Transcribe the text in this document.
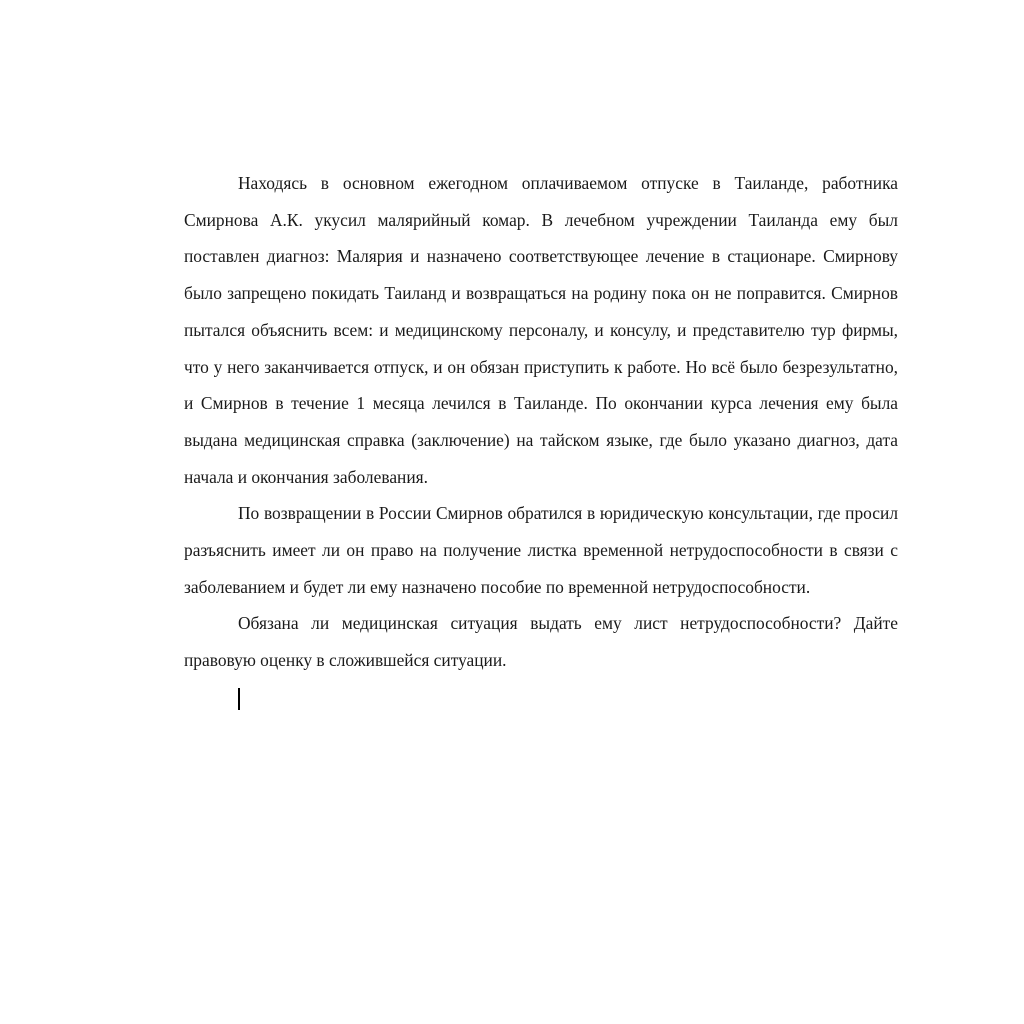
Находясь в основном ежегодном оплачиваемом отпуске в Таиланде, работника Смирнова А.К. укусил малярийный комар. В лечебном учреждении Таиланда ему был поставлен диагноз: Малярия и назначено соответствующее лечение в стационаре. Смирнову было запрещено покидать Таиланд и возвращаться на родину пока он не поправится. Смирнов пытался объяснить всем: и медицинскому персоналу, и консулу, и представителю тур фирмы, что у него заканчивается отпуск, и он обязан приступить к работе. Но всё было безрезультатно, и Смирнов в течение 1 месяца лечился в Таиланде. По окончании курса лечения ему была выдана медицинская справка (заключение) на тайском языке, где было указано диагноз, дата начала и окончания заболевания.

По возвращении в России Смирнов обратился в юридическую консультации, где просил разъяснить имеет ли он право на получение листка временной нетрудоспособности в связи с заболеванием и будет ли ему назначено пособие по временной нетрудоспособности.

Обязана ли медицинская ситуация выдать ему лист нетрудоспособности? Дайте правовую оценку в сложившейся ситуации.
